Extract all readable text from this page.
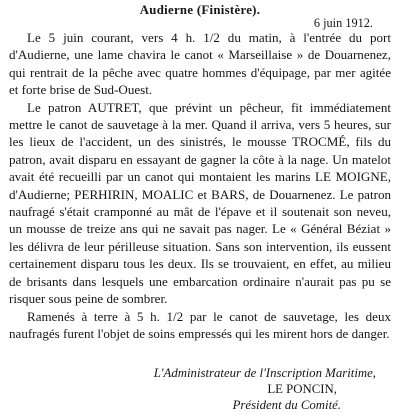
Audierne (Finistère).
6 juin 1912.

Le 5 juin courant, vers 4 h. 1/2 du matin, à l'entrée du port d'Audierne, une lame chavira le canot « Marseillaise » de Douarnenez, qui rentrait de la pêche avec quatre hommes d'équipage, par mer agitée et forte brise de Sud-Ouest.

Le patron AUTRET, que prévint un pêcheur, fit immédiatement mettre le canot de sauvetage à la mer. Quand il arriva, vers 5 heures, sur les lieux de l'accident, un des sinistrés, le mousse TROCMÉ, fils du patron, avait disparu en essayant de gagner la côte à la nage. Un matelot avait été recueilli par un canot qui montaient les marins LE MOIGNE, d'Audierne; PERHIRIN, MOALIC et BARS, de Douarnenez. Le patron naufragé s'était cramponné au mât de l'épave et il soutenait son neveu, un mousse de treize ans qui ne savait pas nager. Le « Général Béziat » les délivra de leur périlleuse situation. Sans son intervention, ils eussent certainement disparu tous les deux. Ils se trouvaient, en effet, au milieu de brisants dans lesquels une embarcation ordinaire n'aurait pas pu se risquer sous peine de sombrer.

Ramenés à terre à 5 h. 1/2 par le canot de sauvetage, les deux naufragés furent l'objet de soins empressés qui les mirent hors de danger.

L'Administrateur de l'Inscription Maritime,
LE PONCIN,
Président du Comité.
